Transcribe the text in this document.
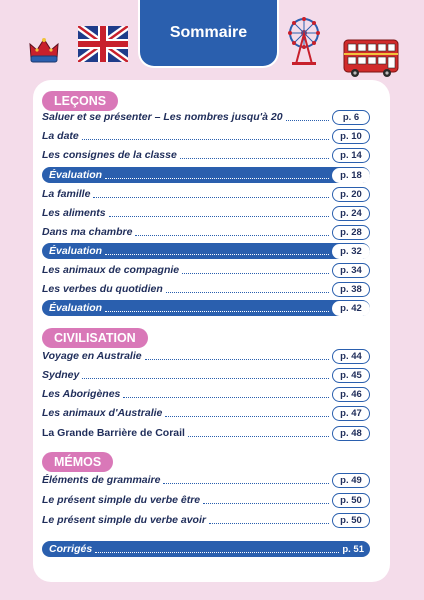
Sommaire
LEÇONS
Saluer et se présenter – Les nombres jusqu'à 20	p. 6
La date	p. 10
Les consignes de la classe	p. 14
Évaluation	p. 18
La famille	p. 20
Les aliments	p. 24
Dans ma chambre	p. 28
Évaluation	p. 32
Les animaux de compagnie	p. 34
Les verbes du quotidien	p. 38
Évaluation	p. 42
CIVILISATION
Voyage en Australie	p. 44
Sydney	p. 45
Les Aborigènes	p. 46
Les animaux d'Australie	p. 47
La Grande Barrière de Corail	p. 48
MÉMOS
Éléments de grammaire	p. 49
Le présent simple du verbe être	p. 50
Le présent simple du verbe avoir	p. 50
Corrigés	p. 51
